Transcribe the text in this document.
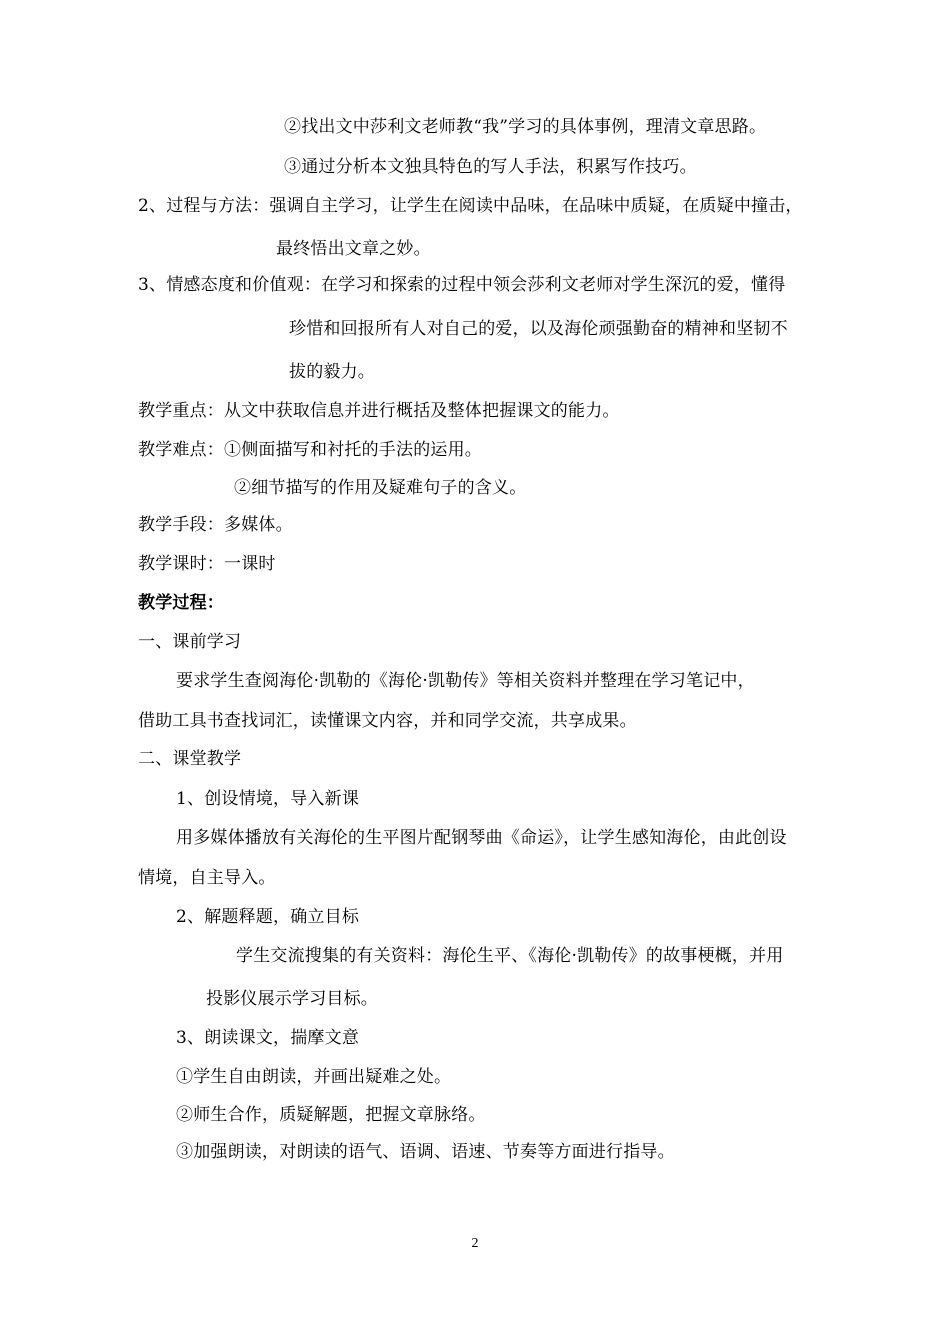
②找出文中莎利文老师教“我”学习的具体事例，理清文章思路。
③通过分析本文独具特色的写人手法，积累写作技巧。
2、过程与方法：强调自主学习，让学生在阅读中品味，在品味中质疑，在质疑中撞击，
最终悟出文章之妙。
3、情感态度和价值观：在学习和探索的过程中领会莎利文老师对学生深沉的爱，懂得
珍惜和回报所有人对自己的爱，以及海伦顽强勤奋的精神和坚韧不
拔的毅力。
教学重点：从文中获取信息并进行概括及整体把握课文的能力。
教学难点：①侧面描写和衬托的手法的运用。
②细节描写的作用及疑难句子的含义。
教学手段：多媒体。
教学课时：一课时
教学过程：
一、课前学习
要求学生查阅海伦·凯勒的《海伦·凯勒传》等相关资料并整理在学习笔记中，
借助工具书查找词汇，读懂课文内容，并和同学交流，共享成果。
二、课堂教学
1、创设情境，导入新课
用多媒体播放有关海伦的生平图片配钢琴曲《命运》，让学生感知海伦，由此创设
情境，自主导入。
2、解题释题，确立目标
学生交流搜集的有关资料：海伦生平、《海伦·凯勒传》的故事梗概，并用
投影仪展示学习目标。
3、朗读课文，揣摩文意
①学生自由朗读，并画出疑难之处。
②师生合作，质疑解题，把握文章脉络。
③加强朗读，对朗读的语气、语调、语速、节奏等方面进行指导。
2
